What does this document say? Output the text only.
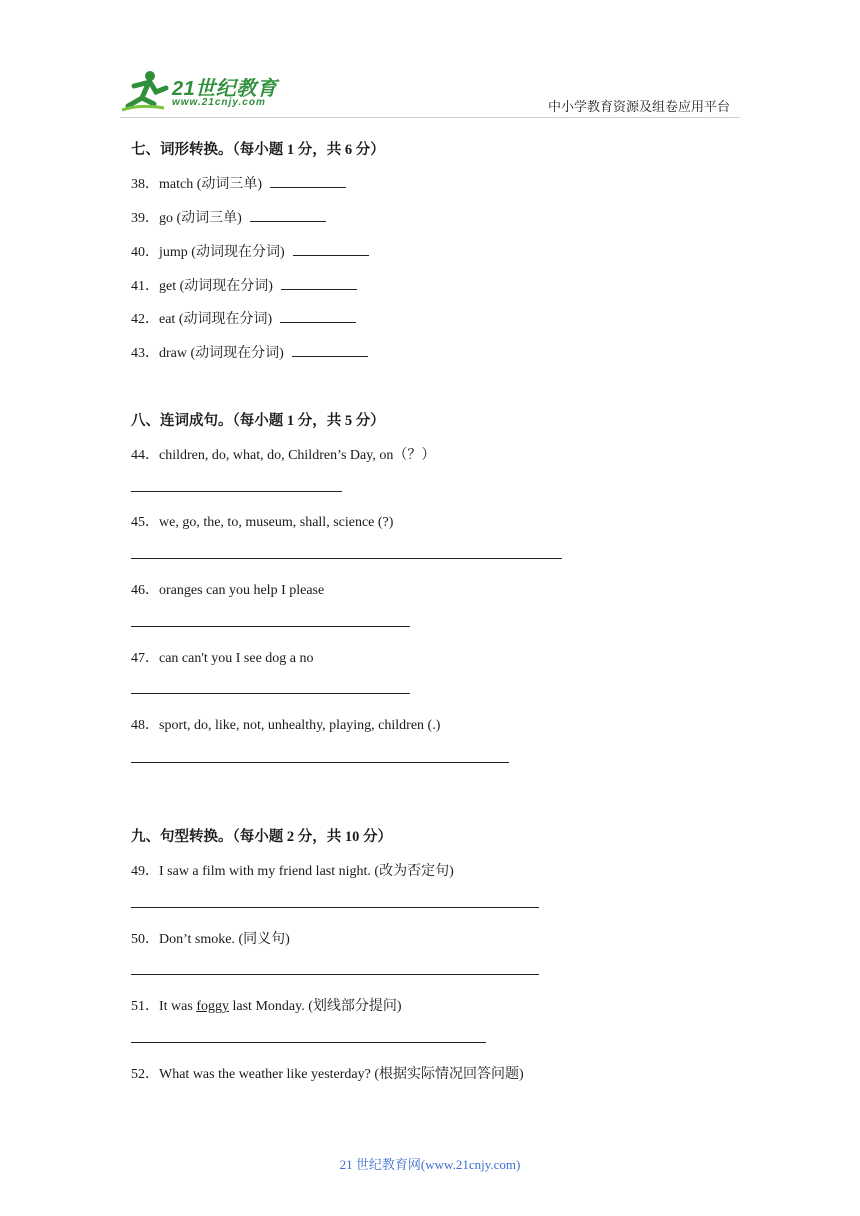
21世纪教育
www.21cnjy.com	中小学教育资源及组卷应用平台
七、词形转换。（每小题 1 分，共 6 分）
38．match (动词三单)
39．go (动词三单)
40．jump (动词现在分词)
41．get (动词现在分词)
42．eat (动词现在分词)
43．draw (动词现在分词)
八、连词成句。（每小题 1 分，共 5 分）
44．children, do, what, do, Children’s Day, on（？）
45．we, go, the, to, museum, shall, science (?)
46．oranges can you help I please
47．can can't you I see dog a no
48．sport, do, like, not, unhealthy, playing, children (.)
九、句型转换。（每小题 2 分，共 10 分）
49．I saw a film with my friend last night. (改为否定句)
50．Don’t smoke. (同义句)
51．It was foggy last Monday. (划线部分提问)
52．What was the weather like yesterday? (根据实际情况回答问题)
21 世纪教育网(www.21cnjy.com)
